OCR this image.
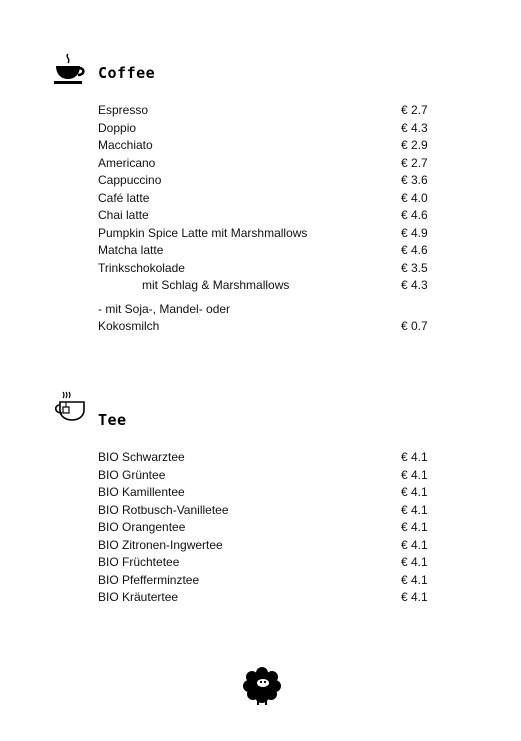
Coffee
Espresso	€ 2.7
Doppio	€ 4.3
Macchiato	€ 2.9
Americano	€ 2.7
Cappuccino	€ 3.6
Café latte	€ 4.0
Chai latte	€ 4.6
Pumpkin Spice Latte mit Marshmallows	€ 4.9
Matcha latte	€ 4.6
Trinkschokolade	€ 3.5
mit Schlag & Marshmallows	€ 4.3
- mit Soja-, Mandel- oder
Kokosmilch	€ 0.7
Tee
BIO Schwarztee	€ 4.1
BIO Grüntee	€ 4.1
BIO Kamillentee	€ 4.1
BIO Rotbusch-Vanilletee	€ 4.1
BIO Orangentee	€ 4.1
BIO Zitronen-Ingwertee	€ 4.1
BIO Früchtetee	€ 4.1
BIO Pfefferminztee	€ 4.1
BIO Kräutertee	€ 4.1
